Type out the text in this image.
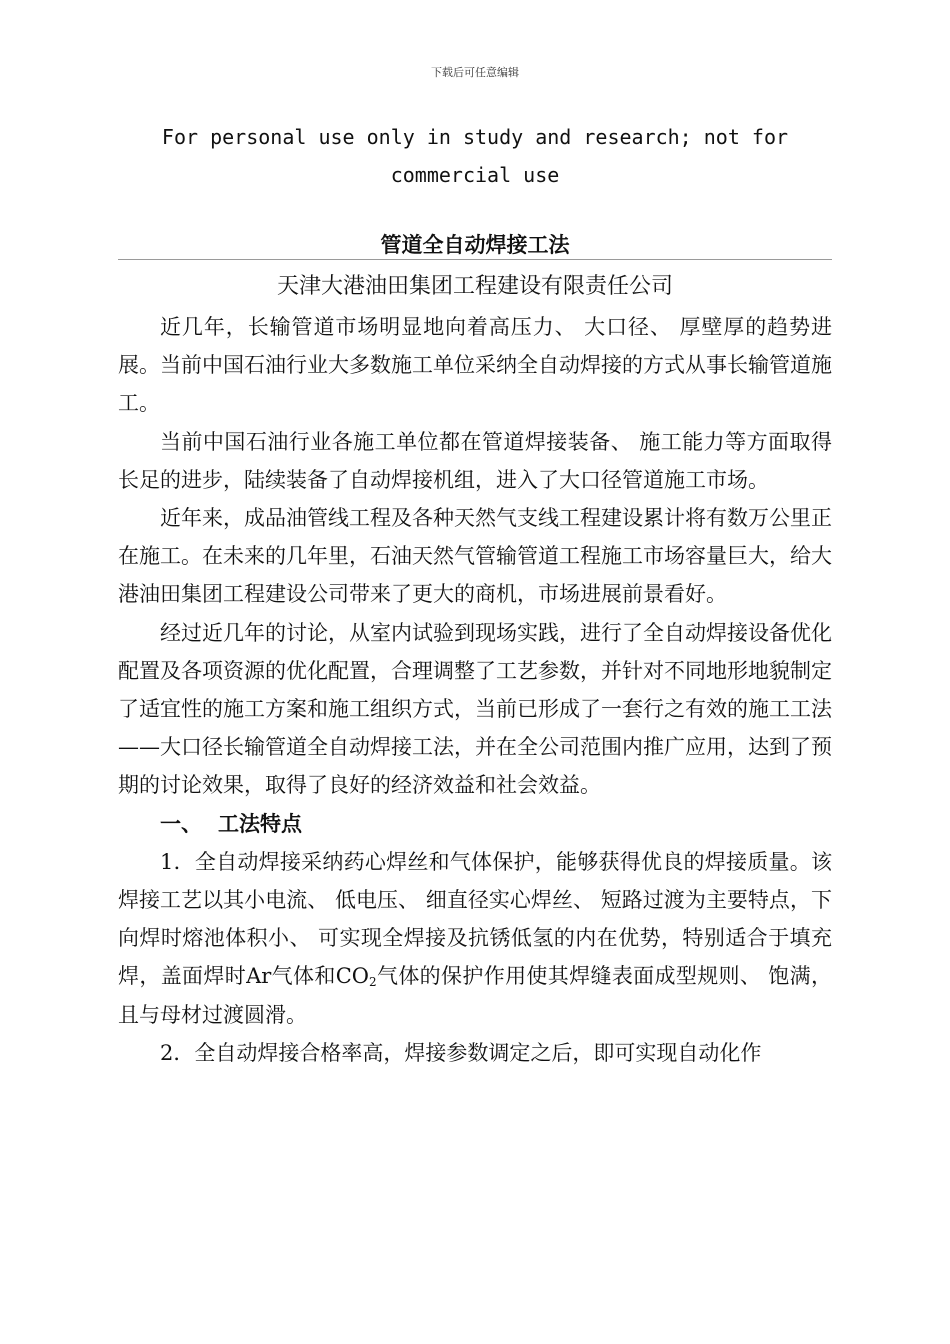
下载后可任意编辑
For personal use only in study and research; not for commercial use
管道全自动焊接工法
天津大港油田集团工程建设有限责任公司

近几年，长输管道市场明显地向着高压力、 大口径、 厚壁厚的趋势进展。当前中国石油行业大多数施工单位采纳全自动焊接的方式从事长输管道施工。

当前中国石油行业各施工单位都在管道焊接装备、 施工能力等方面取得长足的进步，陆续装备了自动焊接机组，进入了大口径管道施工市场。

近年来，成品油管线工程及各种天然气支线工程建设累计将有数万公里正在施工。在未来的几年里，石油天然气管输管道工程施工市场容量巨大，给大港油田集团工程建设公司带来了更大的商机，市场进展前景看好。

经过近几年的讨论，从室内试验到现场实践，进行了全自动焊接设备优化配置及各项资源的优化配置，合理调整了工艺参数，并针对不同地形地貌制定了适宜性的施工方案和施工组织方式，当前已形成了一套行之有效的施工工法——大口径长输管道全自动焊接工法，并在全公司范围内推广应用，达到了预期的讨论效果，取得了良好的经济效益和社会效益。

一、 工法特点

1．全自动焊接采纳药心焊丝和气体保护，能够获得优良的焊接质量。该焊接工艺以其小电流、 低电压、 细直径实心焊丝、 短路过渡为主要特点，下向焊时熔池体积小、 可实现全焊接及抗锈低氢的内在优势，特别适合于填充焊，盖面焊时Ar气体和$CO_2$气体的保护作用使其焊缝表面成型规则、 饱满，且与母材过渡圆滑。

2．全自动焊接合格率高，焊接参数调定之后，即可实现自动化作
